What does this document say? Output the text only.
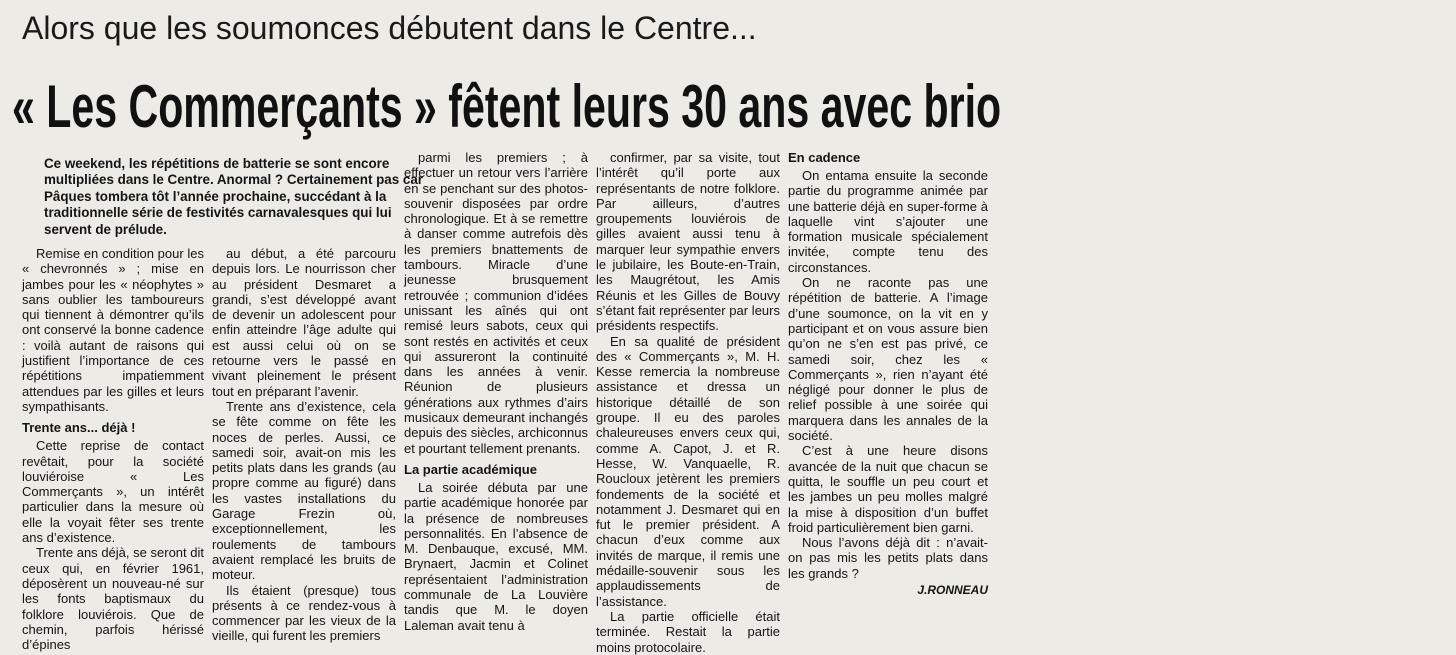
Alors que les soumonces débutent dans le Centre...
« Les Commerçants » fêtent leurs 30 ans avec brio
Ce weekend, les répétitions de batterie se sont encore multipliées dans le Centre. Anormal ? Certainement pas car Pâques tombera tôt l’année prochaine, succédant à la traditionnelle série de festivités carnavalesques qui lui servent de prélude.

Remise en condition pour les « chevronnés » ; mise en jambes pour les « néophytes » sans oublier les tamboureurs qui tiennent à démontrer qu’ils ont conservé la bonne cadence : voilà autant de raisons qui justifient l’importance de ces répétitions impatiemment attendues par les gilles et leurs sympathisants.

Trente ans... déjà !

Cette reprise de contact revêtait, pour la société louviéroise « Les Commerçants », un intérêt particulier dans la mesure où elle la voyait fêter ses trente ans d’existence.

Trente ans déjà, se seront dit ceux qui, en février 1961, déposèrent un nouveau-né sur les fonts baptismaux du folklore louviérois. Que de chemin, parfois hérissé d’épines

au début, a été parcouru depuis lors. Le nourrisson cher au président Desmaret a grandi, s’est développé avant de devenir un adolescent pour enfin atteindre l’âge adulte qui est aussi celui où on se retourne vers le passé en vivant pleinement le présent tout en préparant l’avenir.

Trente ans d’existence, cela se fête comme on fête les noces de perles. Aussi, ce samedi soir, avait-on mis les petits plats dans les grands (au propre comme au figuré) dans les vastes installations du Garage Frezin où, exceptionnellement, les roulements de tambours avaient remplacé les bruits de moteur.

Ils étaient (presque) tous présents à ce rendez-vous à commencer par les vieux de la vieille, qui furent les premiers

parmi les premiers ; à effectuer un retour vers l’arrière en se penchant sur des photos-souvenir disposées par ordre chronologique. Et à se remettre à danser comme autrefois dès les premiers bnattements de tambours. Miracle d’une jeunesse brusquement retrouvée ; communion d’idées unissant les aînés qui ont remisé leurs sabots, ceux qui sont restés en activités et ceux qui assureront la continuité dans les années à venir. Réunion de plusieurs générations aux rythmes d’airs musicaux demeurant inchangés depuis des siècles, archiconnus et pourtant tellement prenants.

La partie académique

La soirée débuta par une partie académique honorée par la présence de nombreuses personnalités. En l’absence de M. Denbauque, excusé, MM. Brynaert, Jacmin et Colinet représentaient l’administration communale de La Louvière tandis que M. le doyen Laleman avait tenu à

confirmer, par sa visite, tout l’intérêt qu’il porte aux représentants de notre folklore. Par ailleurs, d’autres groupements louviérois de gilles avaient aussi tenu à marquer leur sympathie envers le jubilaire, les Boute-en-Train, les Maugrétout, les Amis Réunis et les Gilles de Bouvy s’étant fait représenter par leurs présidents respectifs.

En sa qualité de président des « Commerçants », M. H. Kesse remercia la nombreuse assistance et dressa un historique détaillé de son groupe. Il eu des paroles chaleureuses envers ceux qui, comme A. Capot, J. et R. Hesse, W. Vanquaelle, R. Rouclouх jetèrent les premiers fondements de la société et notamment J. Desmaret qui en fut le premier président. A chacun d’eux comme aux invités de marque, il remis une médaille-souvenir sous les applaudissements de l’assistance.

La partie officielle était terminée. Restait la partie moins protocolaire.

En cadence

On entama ensuite la seconde partie du programme animée par une batterie déjà en super-forme à laquelle vint s’ajouter une formation musicale spécialement invitée, compte tenu des circonstances.

On ne raconte pas une répétition de batterie. A l’image d’une soumonce, on la vit en y participant et on vous assure bien qu’on ne s’en est pas privé, ce samedi soir, chez les « Commerçants », rien n’ayant été négligé pour donner le plus de relief possible à une soirée qui marquera dans les annales de la société.

C’est à une heure disons avancée de la nuit que chacun se quitta, le souffle un peu court et les jambes un peu molles malgré la mise à disposition d’un buffet froid particulièrement bien garni.

Nous l’avons déjà dit : n’avait-on pas mis les petits plats dans les grands ?

J.RONNEAU
